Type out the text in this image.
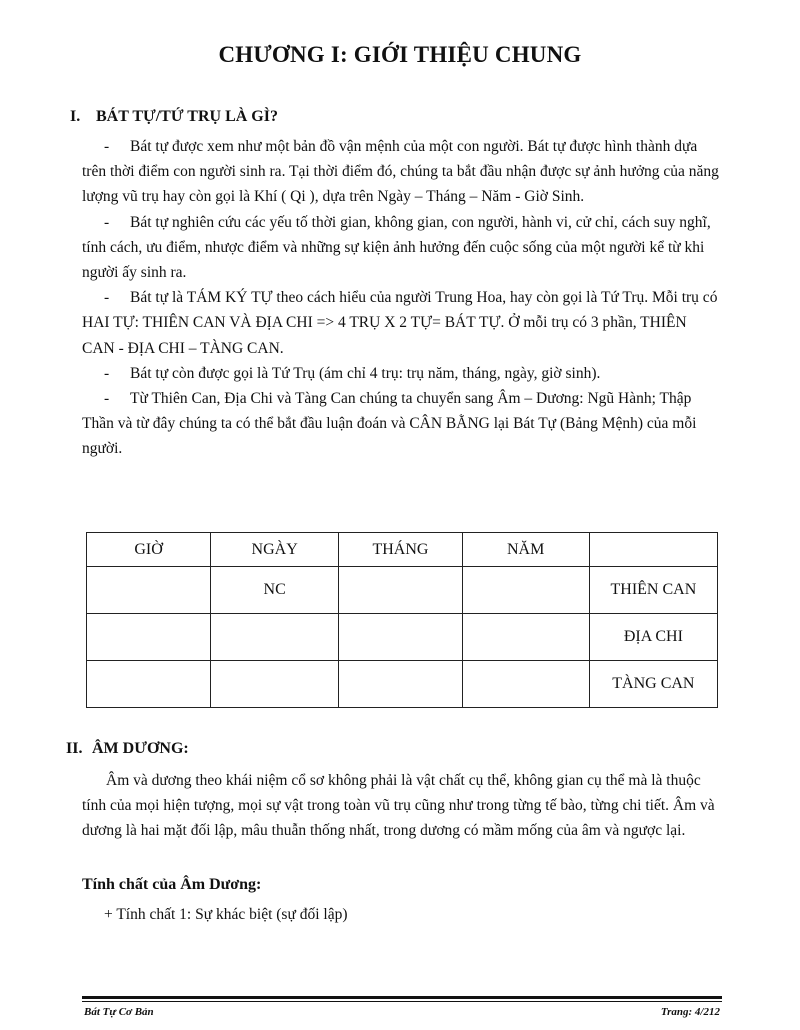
CHƯƠNG I: GIỚI THIỆU CHUNG
I. BÁT TỰ/TỨ TRỤ LÀ GÌ?

- Bát tự được xem như một bản đồ vận mệnh của một con người. Bát tự được hình thành dựa trên thời điểm con người sinh ra. Tại thời điểm đó, chúng ta bắt đầu nhận được sự ảnh hưởng của năng lượng vũ trụ hay còn gọi là Khí ( Qi ), dựa trên Ngày – Tháng – Năm - Giờ Sinh.

- Bát tự nghiên cứu các yếu tố thời gian, không gian, con người, hành vi, cử chỉ, cách suy nghĩ, tính cách, ưu điểm, nhược điểm và những sự kiện ảnh hưởng đến cuộc sống của một người kể từ khi người ấy sinh ra.

- Bát tự là TÁM KÝ TỰ theo cách hiểu của người Trung Hoa, hay còn gọi là Tứ Trụ. Mỗi trụ có HAI TỰ: THIÊN CAN VÀ ĐỊA CHI => 4 TRỤ X 2 TỰ= BÁT TỰ. Ở mỗi trụ có 3 phần, THIÊN CAN - ĐỊA CHI – TÀNG CAN.

- Bát tự còn được gọi là Tứ Trụ (ám chỉ 4 trụ: trụ năm, tháng, ngày, giờ sinh).

- Từ Thiên Can, Địa Chi và Tàng Can chúng ta chuyển sang Âm – Dương: Ngũ Hành; Thập Thần và từ đây chúng ta có thể bắt đầu luận đoán và CÂN BẰNG lại Bát Tự (Bảng Mệnh) của mỗi người.

GIỜ	NGÀY	THÁNG	NĂM	
	NC			THIÊN CAN
				ĐỊA CHI
				TÀNG CAN
II. ÂM DƯƠNG:

Âm và dương theo khái niệm cổ sơ không phải là vật chất cụ thể, không gian cụ thể mà là thuộc tính của mọi hiện tượng, mọi sự vật trong toàn vũ trụ cũng như trong từng tế bào, từng chi tiết. Âm và dương là hai mặt đối lập, mâu thuẫn thống nhất, trong dương có mầm mống của âm và ngược lại.

Tính chất của Âm Dương:
+ Tính chất 1: Sự khác biệt (sự đối lập)
Bát Tự Cơ Bản	Trang: 4/212
